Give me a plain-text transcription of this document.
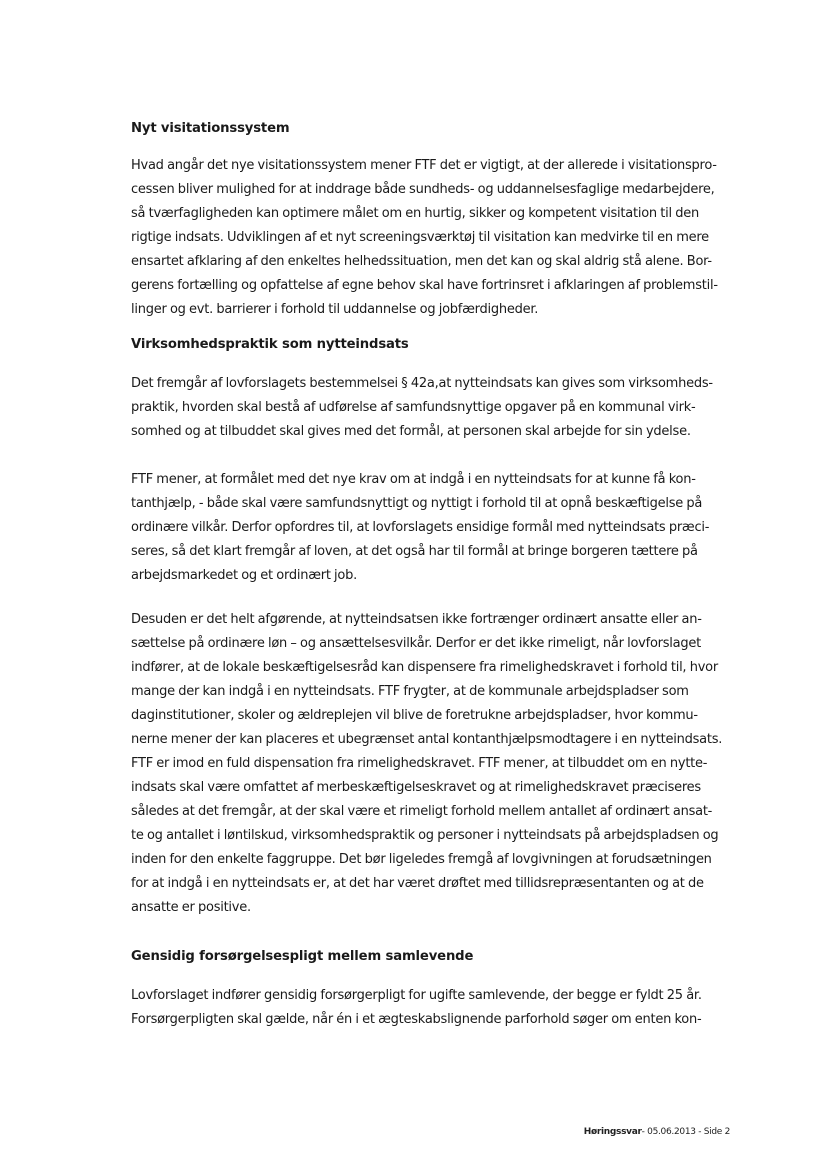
Nyt visitationssystem

Hvad angår det nye visitationssystem mener FTF det er vigtigt, at der allerede i visitationspro-
cessen bliver mulighed for at inddrage både sundheds- og uddannelsesfaglige medarbejdere,
så tværfagligheden kan optimere målet om en hurtig, sikker og kompetent visitation til den
rigtige indsats. Udviklingen af et nyt screeningsværktøj til visitation kan medvirke til en mere
ensartet afklaring af den enkeltes helhedssituation, men det kan og skal aldrig stå alene. Bor-
gerens fortælling og opfattelse af egne behov skal have fortrinsret i afklaringen af problemstil-
linger og evt. barrierer i forhold til uddannelse og jobfærdigheder.

Virksomhedspraktik som nytteindsats

Det fremgår af lovforslagets bestemmelsei § 42a,at nytteindsats kan gives som virksomheds-
praktik, hvorden skal bestå af udførelse af samfundsnyttige opgaver på en kommunal virk-
somhed og at tilbuddet skal gives med det formål, at personen skal arbejde for sin ydelse.

FTF mener, at formålet med det nye krav om at indgå i en nytteindsats for at kunne få kon-
tanthjælp, - både skal være samfundsnyttigt og nyttigt i forhold til at opnå beskæftigelse på
ordinære vilkår. Derfor opfordres til, at lovforslagets ensidige formål med nytteindsats præci-
seres, så det klart fremgår af loven, at det også har til formål at bringe borgeren tættere på
arbejdsmarkedet og et ordinært job.

Desuden er det helt afgørende, at nytteindsatsen ikke fortrænger ordinært ansatte eller an-
sættelse på ordinære løn – og ansættelsesvilkår. Derfor er det ikke rimeligt, når lovforslaget
indfører, at de lokale beskæftigelsesråd kan dispensere fra rimelighedskravet i forhold til, hvor
mange der kan indgå i en nytteindsats. FTF frygter, at de kommunale arbejdspladser som
daginstitutioner, skoler og ældreplejen vil blive de foretrukne arbejdspladser, hvor kommu-
nerne mener der kan placeres et ubegrænset antal kontanthjælpsmodtagere i en nytteindsats.
FTF er imod en fuld dispensation fra rimelighedskravet. FTF mener, at tilbuddet om en nytte-
indsats skal være omfattet af merbeskæftigelseskravet og at rimelighedskravet præciseres
således at det fremgår, at der skal være et rimeligt forhold mellem antallet af ordinært ansat-
te og antallet i løntilskud, virksomhedspraktik og personer i nytteindsats på arbejdspladsen og
inden for den enkelte faggruppe. Det bør ligeledes fremgå af lovgivningen at forudsætningen
for at indgå i en nytteindsats er, at det har været drøftet med tillidsrepræsentanten og at de
ansatte er positive.

Gensidig forsørgelsespligt mellem samlevende

Lovforslaget indfører gensidig forsørgerpligt for ugifte samlevende, der begge er fyldt 25 år.
Forsørgerpligten skal gælde, når én i et ægteskabslignende parforhold søger om enten kon-

Høringssvar- 05.06.2013 - Side 2
